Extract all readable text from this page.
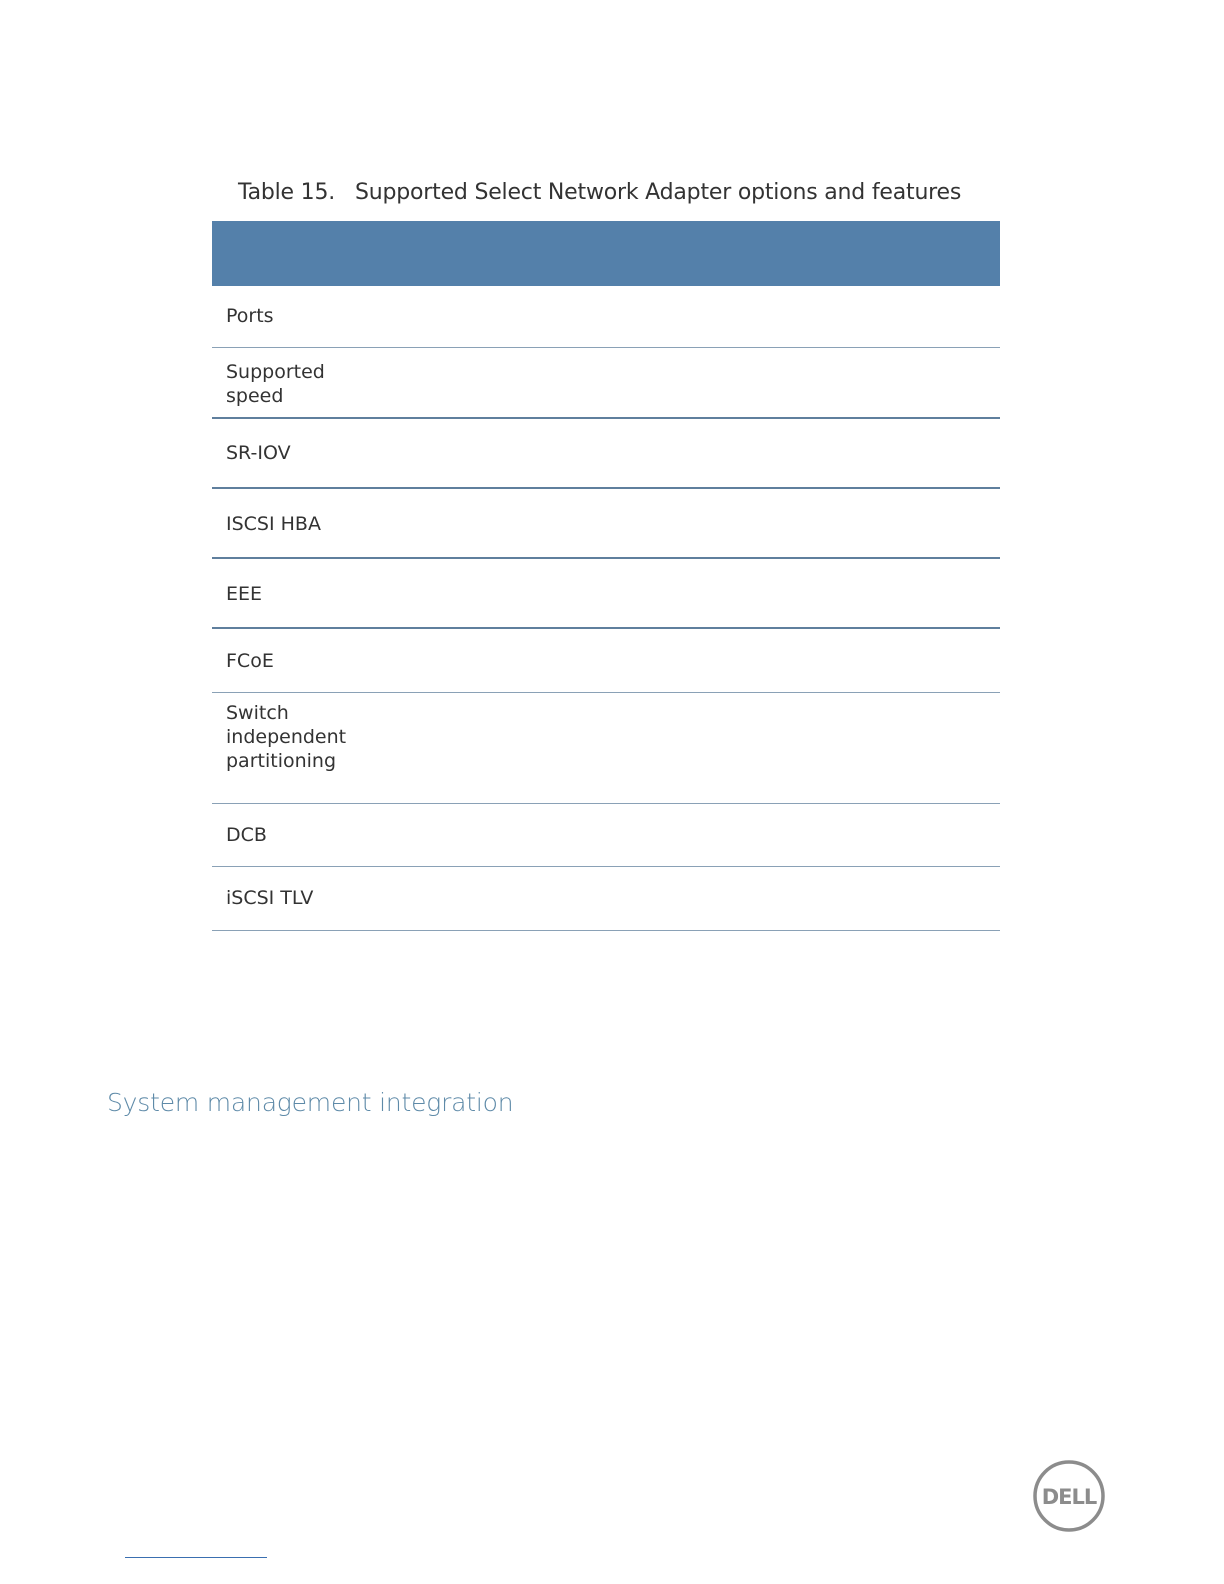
Table 15. Supported Select Network Adapter options and features
Ports
Supported
speed
SR-IOV
ISCSI HBA
EEE
FCoE
Switch
independent
partitioning
DCB
iSCSI TLV
System management integration
DELL
